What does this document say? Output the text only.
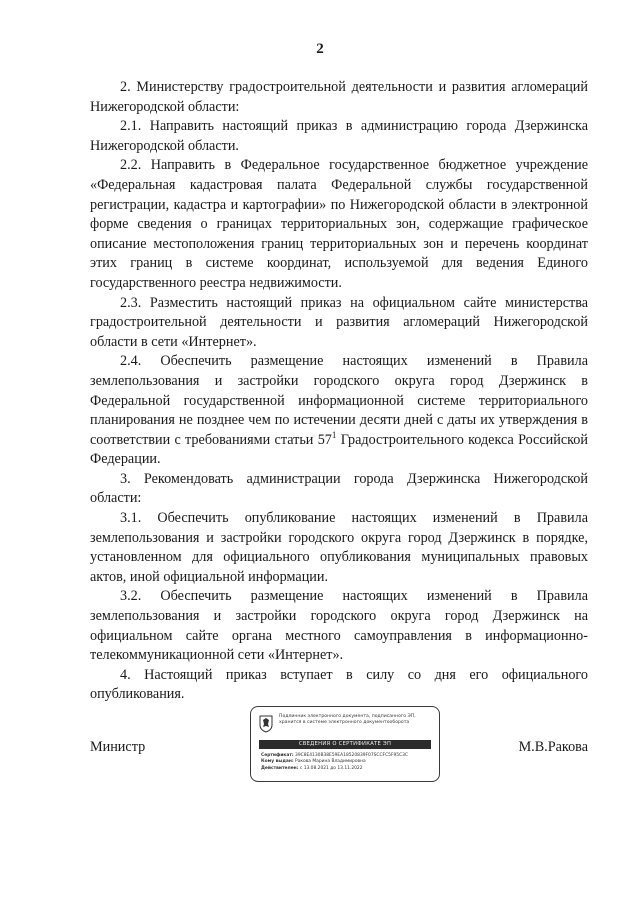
2

2. Министерству градостроительной деятельности и развития агломераций Нижегородской области:

2.1. Направить настоящий приказ в администрацию города Дзержинска Нижегородской области.

2.2. Направить в Федеральное государственное бюджетное учреждение «Федеральная кадастровая палата Федеральной службы государственной регистрации, кадастра и картографии» по Нижегородской области в электронной форме сведения о границах территориальных зон, содержащие графическое описание местоположения границ территориальных зон и перечень координат этих границ в системе координат, используемой для ведения Единого государственного реестра недвижимости.

2.3. Разместить настоящий приказ на официальном сайте министерства градостроительной деятельности и развития агломераций Нижегородской области в сети «Интернет».

2.4. Обеспечить размещение настоящих изменений в Правила землепользования и застройки городского округа город Дзержинск в Федеральной государственной информационной системе территориального планирования не позднее чем по истечении десяти дней с даты их утверждения в соответствии с требованиями статьи $57^1$ Градостроительного кодекса Российской Федерации.

3. Рекомендовать администрации города Дзержинска Нижегородской области:

3.1. Обеспечить опубликование настоящих изменений в Правила землепользования и застройки городского округа город Дзержинск в порядке, установленном для официального опубликования муниципальных правовых актов, иной официальной информации.

3.2. Обеспечить размещение настоящих изменений в Правила землепользования и застройки городского округа город Дзержинск на официальном сайте органа местного самоуправления в информационно-телекоммуникационной сети «Интернет».

4. Настоящий приказ вступает в силу со дня его официального опубликования.

Министр
Подлинник электронного документа, подписанного ЭП, хранится в системе электронного документооборота
СВЕДЕНИЯ О СЕРТИФИКАТЕ ЭП
Сертификат: 39C8E4130B38E59EA18520839F07SCCFC5F95C3C
Кому выдан: Ракова Марина Владимировна
Действителен: с 13.08.2021 до 13.11.2022
М.В.Ракова
